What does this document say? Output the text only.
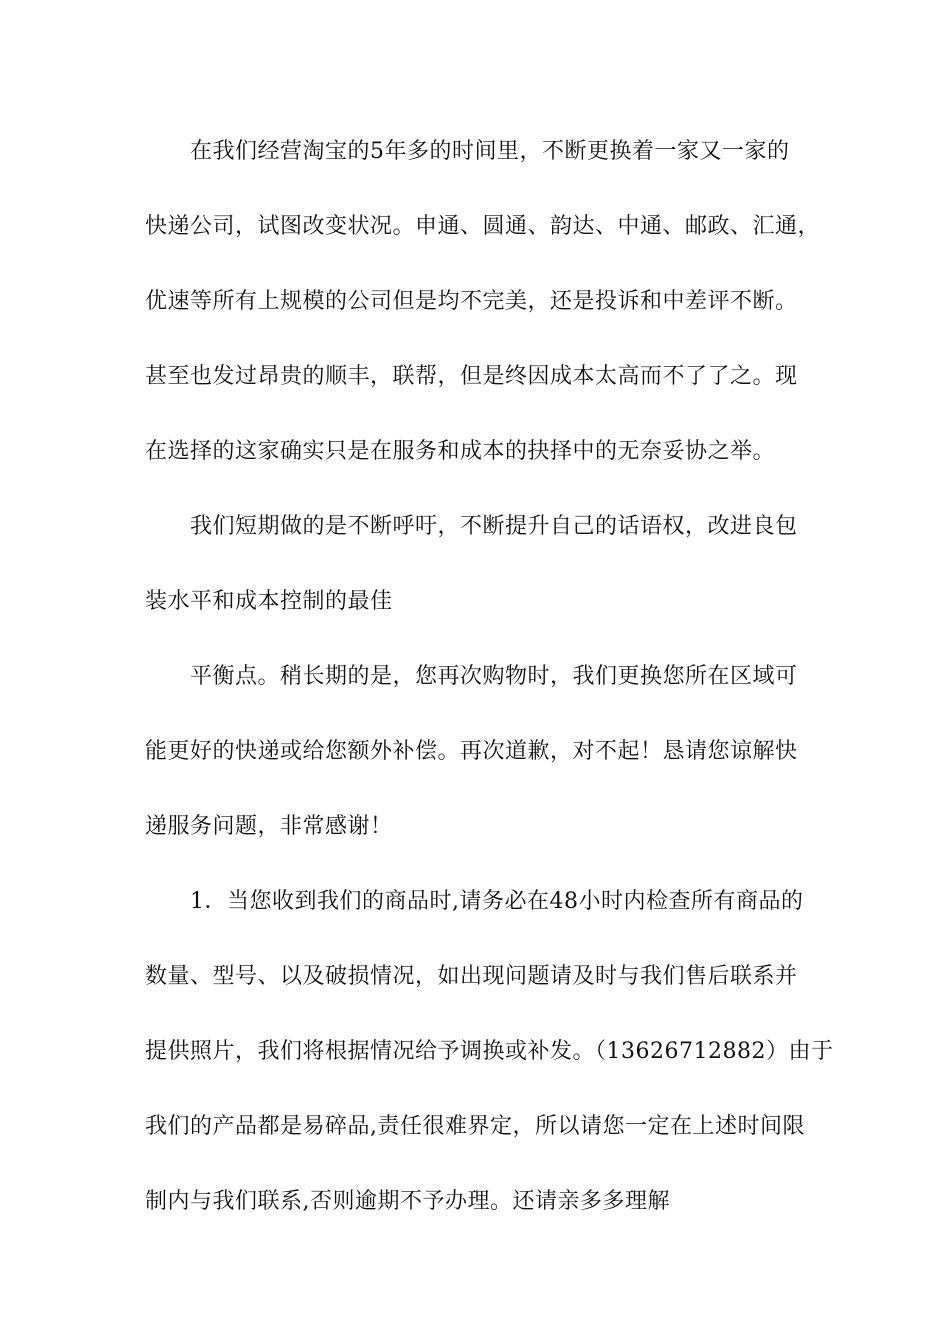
在我们经营淘宝的5年多的时间里，不断更换着一家又一家的
快递公司，试图改变状况。申通、圆通、韵达、中通、邮政、汇通，
优速等所有上规模的公司但是均不完美，还是投诉和中差评不断。
甚至也发过昂贵的顺丰，联帮，但是终因成本太高而不了了之。现
在选择的这家确实只是在服务和成本的抉择中的无奈妥协之举。
我们短期做的是不断呼吁，不断提升自己的话语权，改进良包
装水平和成本控制的最佳
平衡点。稍长期的是，您再次购物时，我们更换您所在区域可
能更好的快递或给您额外补偿。再次道歉，对不起！恳请您谅解快
递服务问题，非常感谢！
1．当您收到我们的商品时,请务必在48小时内检查所有商品的
数量、型号、以及破损情况，如出现问题请及时与我们售后联系并
提供照片，我们将根据情况给予调换或补发。（13626712882）由于
我们的产品都是易碎品,责任很难界定，所以请您一定在上述时间限
制内与我们联系,否则逾期不予办理。还请亲多多理解
